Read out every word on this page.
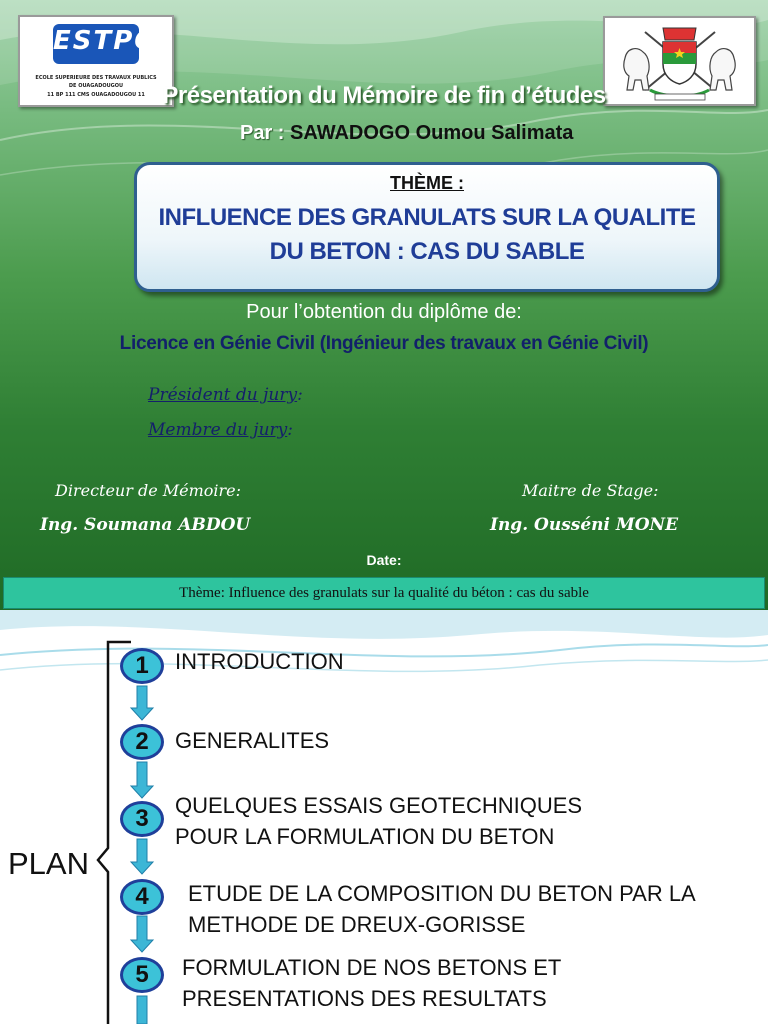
ESTPO
ECOLE SUPERIEURE DES TRAVAUX PUBLICS
DE OUAGADOUGOU
11 BP 111 CMS OUAGADOUGOU 11 Présentation du Mémoire de fin d’études
Par : SAWADOGO Oumou Salimata
THÈME :
INFLUENCE DES GRANULATS SUR LA QUALITE DU BETON : CAS DU SABLE
Pour l’obtention du diplôme de:
Licence en Génie Civil (Ingénieur des travaux en Génie Civil)
Président du jury:
Membre du jury:
Directeur de Mémoire:
Ing. Soumana ABDOU
Maitre de Stage:
Ing. Ousséni MONE
Date:
Thème: Influence des granulats sur la qualité du béton : cas du sable
PLAN
1	INTRODUCTION
2	GENERALITES
3	QUELQUES ESSAIS GEOTECHNIQUES
POUR LA FORMULATION DU BETON
4	ETUDE DE LA COMPOSITION DU BETON PAR LA
METHODE DE DREUX-GORISSE
5	FORMULATION DE NOS BETONS ET
PRESENTATIONS DES RESULTATS
